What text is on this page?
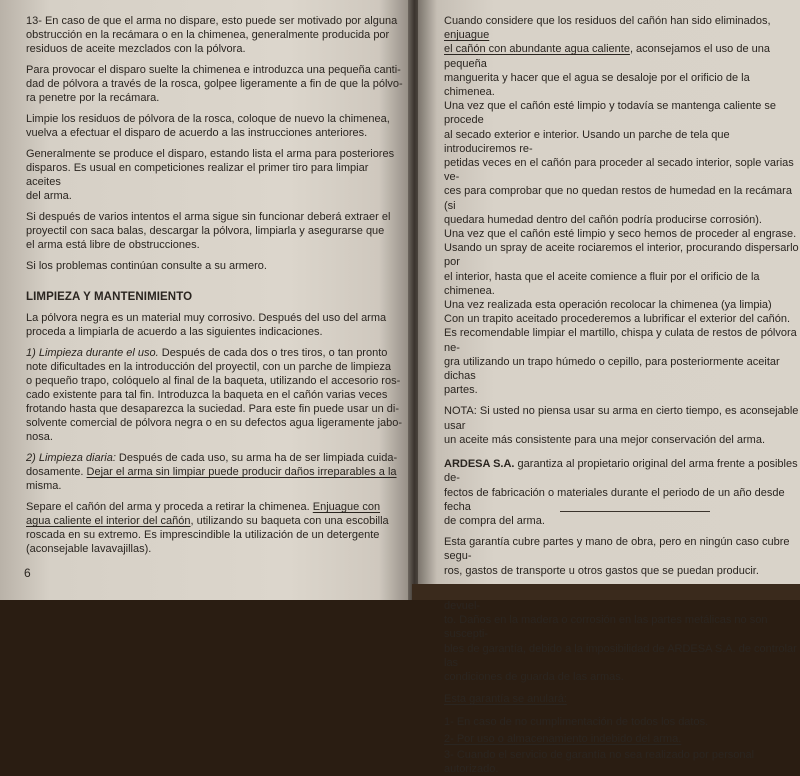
13- En caso de que el arma no dispare, esto puede ser motivado por alguna
obstrucción en la recámara o en la chimenea, generalmente producida por
residuos de aceite mezclados con la pólvora.

Para provocar el disparo suelte la chimenea e introduzca una pequeña canti-
dad de pólvora a través de la rosca, golpee ligeramente a fin de que la pólvo-
ra penetre por la recámara.

Limpie los residuos de pólvora de la rosca, coloque de nuevo la chimenea,
vuelva a efectuar el disparo de acuerdo a las instrucciones anteriores.

Generalmente se produce el disparo, estando lista el arma para posteriores
disparos. Es usual en competiciones realizar el primer tiro para limpiar aceites
del arma.

Si después de varios intentos el arma sigue sin funcionar deberá extraer el
proyectil con saca balas, descargar la pólvora, limpiarla y asegurarse que
el arma está libre de obstrucciones.

Si los problemas continúan consulte a su armero.

LIMPIEZA Y MANTENIMIENTO

La pólvora negra es un material muy corrosivo. Después del uso del arma
proceda a limpiarla de acuerdo a las siguientes indicaciones.

1) Limpieza durante el uso. Después de cada dos o tres tiros, o tan pronto
note dificultades en la introducción del proyectil, con un parche de limpieza
o pequeño trapo, colóquelo al final de la baqueta, utilizando el accesorio ros-
cado existente para tal fin. Introduzca la baqueta en el cañón varias veces
frotando hasta que desaparezca la suciedad. Para este fin puede usar un di-
solvente comercial de pólvora negra o en su defectos agua ligeramente jabo-
nosa.

2) Limpieza diaria: Después de cada uso, su arma ha de ser limpiada cuida-
dosamente. Dejar el arma sin limpiar puede producir daños irreparables a la
misma.

Separe el cañón del arma y proceda a retirar la chimenea. Enjuague con
agua caliente el interior del cañón, utilizando su baqueta con una escobilla
roscada en su extremo. Es imprescindible la utilización de un detergente
(aconsejable lavavajillas).

6

Cuando considere que los residuos del cañón han sido eliminados, enjuague
el cañón con abundante agua caliente, aconsejamos el uso de una pequeña
manguerita y hacer que el agua se desaloje por el orificio de la chimenea.

Una vez que el cañón esté limpio y todavía se mantenga caliente se procede
al secado exterior e interior. Usando un parche de tela que introduciremos re-
petidas veces en el cañón para proceder al secado interior, sople varias ve-
ces para comprobar que no quedan restos de humedad en la recámara (si
quedara humedad dentro del cañón podría producirse corrosión).

Una vez que el cañón esté limpio y seco hemos de proceder al engrase.
Usando un spray de aceite rociaremos el interior, procurando dispersarlo por
el interior, hasta que el aceite comience a fluir por el orificio de la chimenea.
Una vez realizada esta operación recolocar la chimenea (ya limpia)
Con un trapito aceitado procederemos a lubrificar el exterior del cañón.
Es recomendable limpiar el martillo, chispa y culata de restos de pólvora ne-
gra utilizando un trapo húmedo o cepillo, para posteriormente aceitar dichas
partes.

NOTA: Si usted no piensa usar su arma en cierto tiempo, es aconsejable usar
un aceite más consistente para una mejor conservación del arma.

ARDESA S.A. garantiza al propietario original del arma frente a posibles de-
fectos de fabricación o materiales durante el periodo de un año desde fecha
de compra del arma.

Esta garantía cubre partes y mano de obra, pero en ningún caso cubre segu-
ros, gastos de transporte u otros gastos que se puedan producir.

devuel-
to. Daños en la madera o corrosión en las partes metálicas no son suscepti-
bles de garantía, debido a la imposibilidad de ARDESA S.A. de controlar las
condiciones de guarda de las armas.

Esta garantía se anulará:

1- En caso de no cumplimentación de todos los datos.

2- Por uso o almacenamiento indebido del arma.

3- Cuando el servicio de garantía no sea realizado por personal autorizado.
